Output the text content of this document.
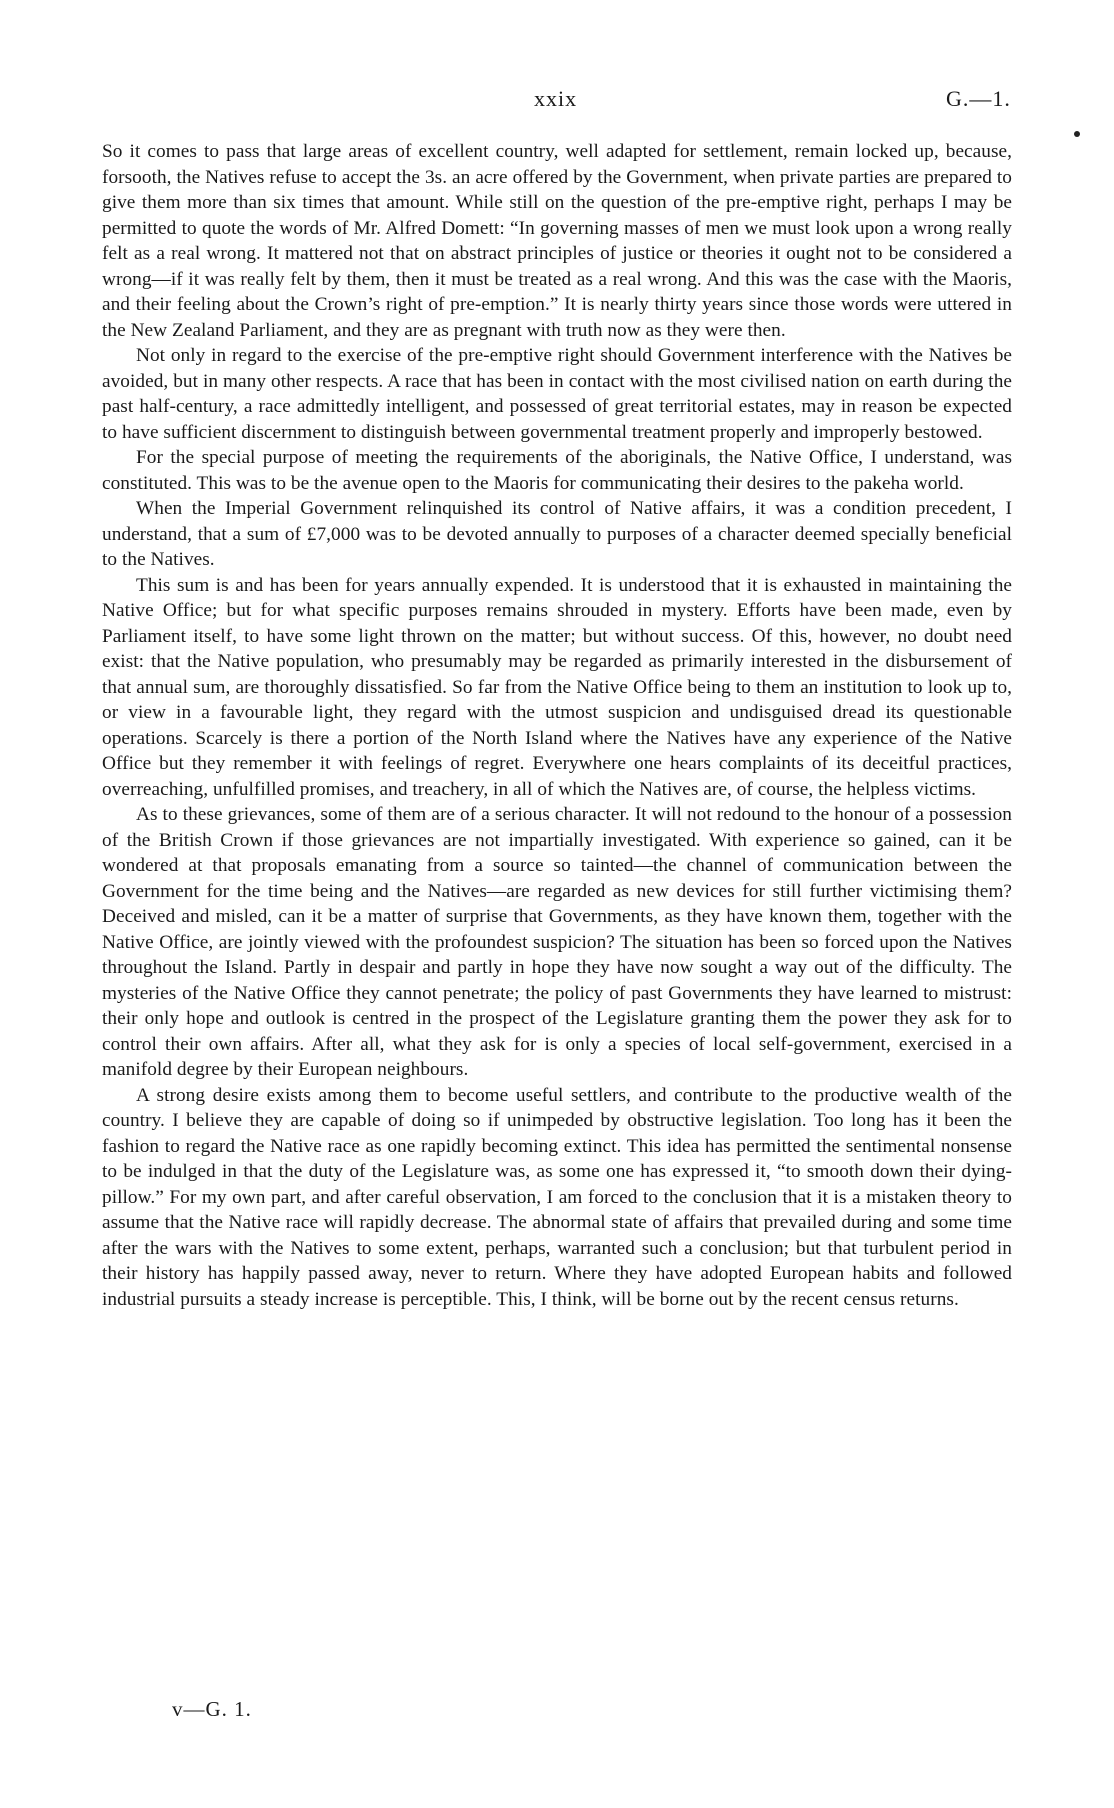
xxix	G.—1.

So it comes to pass that large areas of excellent country, well adapted for settlement, remain locked up, because, forsooth, the Natives refuse to accept the 3s. an acre offered by the Government, when private parties are prepared to give them more than six times that amount. While still on the question of the pre-emptive right, perhaps I may be permitted to quote the words of Mr. Alfred Domett: “In governing masses of men we must look upon a wrong really felt as a real wrong. It mattered not that on abstract principles of justice or theories it ought not to be considered a wrong—if it was really felt by them, then it must be treated as a real wrong. And this was the case with the Maoris, and their feeling about the Crown’s right of pre-emption.” It is nearly thirty years since those words were uttered in the New Zealand Parliament, and they are as pregnant with truth now as they were then.

Not only in regard to the exercise of the pre-emptive right should Government interference with the Natives be avoided, but in many other respects. A race that has been in contact with the most civilised nation on earth during the past half-century, a race admittedly intelligent, and possessed of great territorial estates, may in reason be expected to have sufficient discernment to distinguish between governmental treatment properly and improperly bestowed.

For the special purpose of meeting the requirements of the aboriginals, the Native Office, I understand, was constituted. This was to be the avenue open to the Maoris for communicating their desires to the pakeha world.

When the Imperial Government relinquished its control of Native affairs, it was a condition precedent, I understand, that a sum of £7,000 was to be devoted annually to purposes of a character deemed specially beneficial to the Natives.

This sum is and has been for years annually expended. It is understood that it is exhausted in maintaining the Native Office; but for what specific purposes remains shrouded in mystery. Efforts have been made, even by Parliament itself, to have some light thrown on the matter; but without success. Of this, however, no doubt need exist: that the Native population, who presumably may be regarded as primarily interested in the disbursement of that annual sum, are thoroughly dissatisfied. So far from the Native Office being to them an institution to look up to, or view in a favourable light, they regard with the utmost suspicion and undisguised dread its questionable operations. Scarcely is there a portion of the North Island where the Natives have any experience of the Native Office but they remember it with feelings of regret. Everywhere one hears complaints of its deceitful practices, overreaching, unfulfilled promises, and treachery, in all of which the Natives are, of course, the helpless victims.

As to these grievances, some of them are of a serious character. It will not redound to the honour of a possession of the British Crown if those grievances are not impartially investigated. With experience so gained, can it be wondered at that proposals emanating from a source so tainted—the channel of communication between the Government for the time being and the Natives—are regarded as new devices for still further victimising them? Deceived and misled, can it be a matter of surprise that Governments, as they have known them, together with the Native Office, are jointly viewed with the profoundest suspicion? The situation has been so forced upon the Natives throughout the Island. Partly in despair and partly in hope they have now sought a way out of the difficulty. The mysteries of the Native Office they cannot penetrate; the policy of past Governments they have learned to mistrust: their only hope and outlook is centred in the prospect of the Legislature granting them the power they ask for to control their own affairs. After all, what they ask for is only a species of local self-government, exercised in a manifold degree by their European neighbours.

A strong desire exists among them to become useful settlers, and contribute to the productive wealth of the country. I believe they are capable of doing so if unimpeded by obstructive legislation. Too long has it been the fashion to regard the Native race as one rapidly becoming extinct. This idea has permitted the sentimental nonsense to be indulged in that the duty of the Legislature was, as some one has expressed it, “to smooth down their dying-pillow.” For my own part, and after careful observation, I am forced to the conclusion that it is a mistaken theory to assume that the Native race will rapidly decrease. The abnormal state of affairs that prevailed during and some time after the wars with the Natives to some extent, perhaps, warranted such a conclusion; but that turbulent period in their history has happily passed away, never to return. Where they have adopted European habits and followed industrial pursuits a steady increase is perceptible. This, I think, will be borne out by the recent census returns.

v—G. 1.
